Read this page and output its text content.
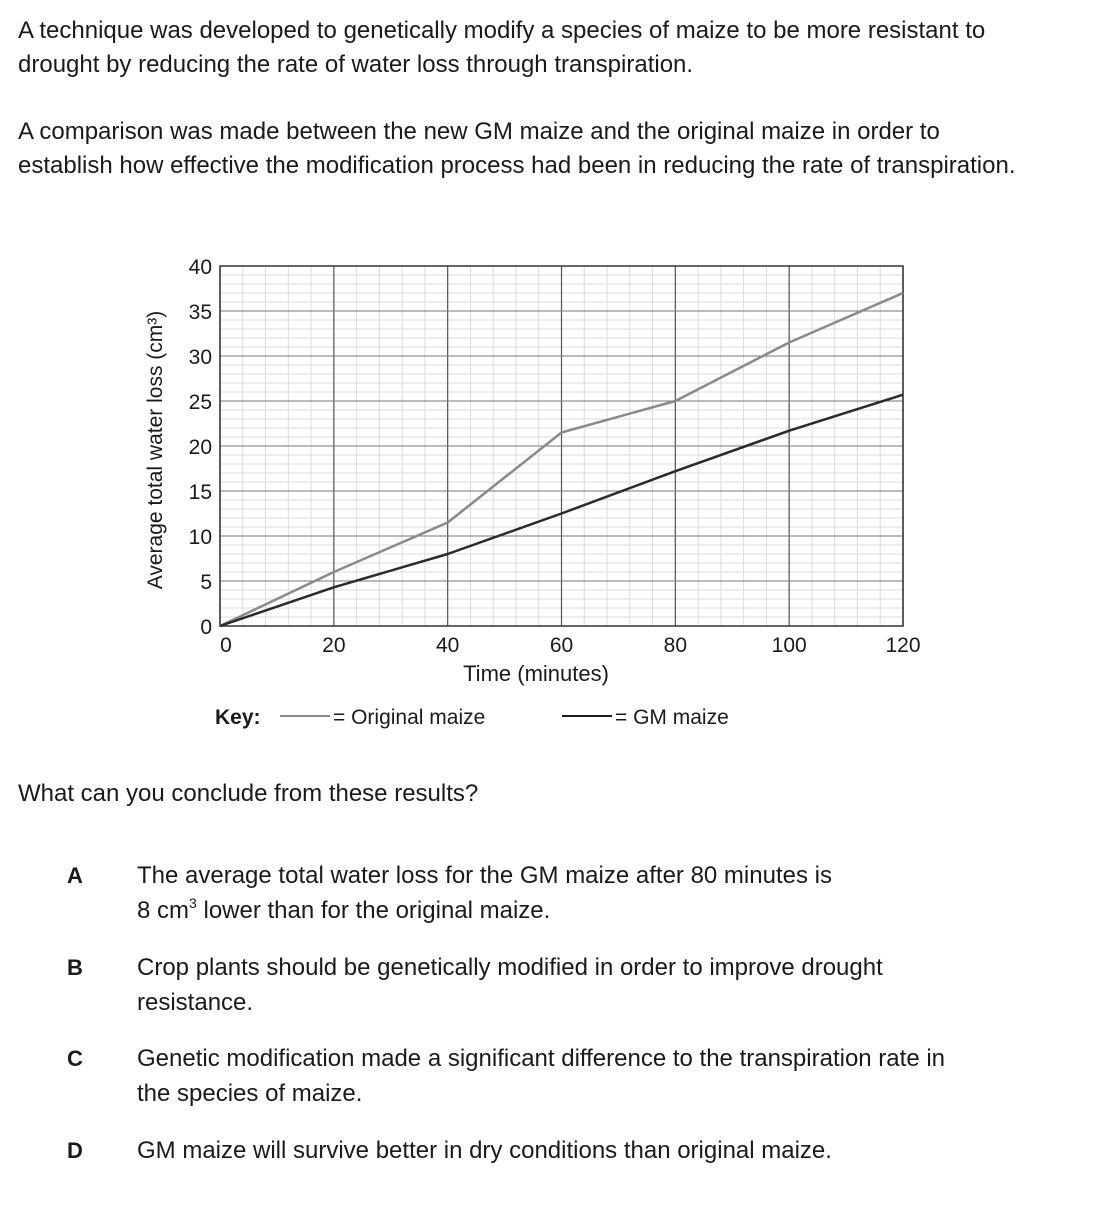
A technique was developed to genetically modify a species of maize to be more resistant to drought by reducing the rate of water loss through transpiration.

A comparison was made between the new GM maize and the original maize in order to establish how effective the modification process had been in reducing the rate of transpiration.

0	20	40	60	80	100	120
0
5
10
15
20
25
30
35
40
Time (minutes)
Average total water loss (cm³)
Key:	= Original maize	= GM maize

What can you conclude from these results?

A The average total water loss for the GM maize after 80 minutes is
8 $cm^3$ lower than for the original maize.

B Crop plants should be genetically modified in order to improve drought resistance.

C Genetic modification made a significant difference to the transpiration rate in the species of maize.

D GM maize will survive better in dry conditions than original maize.
